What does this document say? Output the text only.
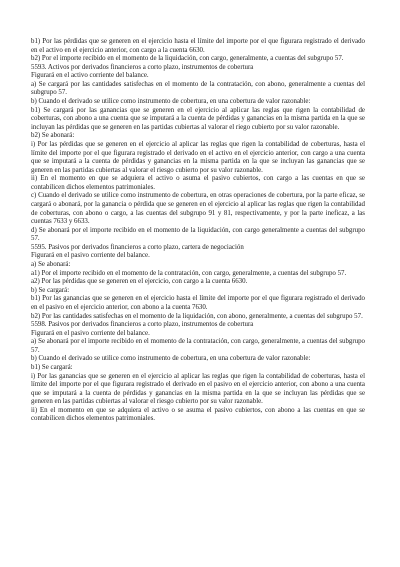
b1) Por las pérdidas que se generen en el ejercicio hasta el límite del importe por el que figurara registrado el derivado en el activo en el ejercicio anterior, con cargo a la cuenta 6630.

b2) Por el importe recibido en el momento de la liquidación, con cargo, generalmente, a cuentas del subgrupo 57.

5593. Activos por derivados financieros a corto plazo, instrumentos de cobertura

Figurará en el activo corriente del balance.

a) Se cargará por las cantidades satisfechas en el momento de la contratación, con abono, generalmente a cuentas del subgrupo 57.

b) Cuando el derivado se utilice como instrumento de cobertura, en una cobertura de valor razonable:

b1) Se cargará por las ganancias que se generen en el ejercicio al aplicar las reglas que rigen la contabilidad de coberturas, con abono a una cuenta que se imputará a la cuenta de pérdidas y ganancias en la misma partida en la que se incluyan las pérdidas que se generen en las partidas cubiertas al valorar el riego cubierto por su valor razonable.

b2) Se abonará:

i) Por las pérdidas que se generen en el ejercicio al aplicar las reglas que rigen la contabilidad de coberturas, hasta el límite del importe por el que figurara registrado el derivado en el activo en el ejercicio anterior, con cargo a una cuenta que se imputará a la cuenta de pérdidas y ganancias en la misma partida en la que se incluyan las ganancias que se generen en las partidas cubiertas al valorar el riesgo cubierto por su valor razonable.

ii) En el momento en que se adquiera el activo o asuma el pasivo cubiertos, con cargo a las cuentas en que se contabilicen dichos elementos patrimoniales.

c) Cuando el derivado se utilice como instrumento de cobertura, en otras operaciones de cobertura, por la parte eficaz, se cargará o abonará, por la ganancia o pérdida que se generen en el ejercicio al aplicar las reglas que rigen la contabilidad de coberturas, con abono o cargo, a las cuentas del subgrupo 91 y 81, respectivamente, y por la parte ineficaz, a las cuentas 7633 y 6633.

d) Se abonará por el importe recibido en el momento de la liquidación, con cargo generalmente a cuentas del subgrupo 57.

5595. Pasivos por derivados financieros a corto plazo, cartera de negociación

Figurará en el pasivo corriente del balance.

a) Se abonará:

a1) Por el importe recibido en el momento de la contratación, con cargo, generalmente, a cuentas del subgrupo 57.

a2) Por las pérdidas que se generen en el ejercicio, con cargo a la cuenta 6630.

b) Se cargará:

b1) Por las ganancias que se generen en el ejercicio hasta el límite del importe por el que figurara registrado el derivado en el pasivo en el ejercicio anterior, con abono a la cuenta 7630.

b2) Por las cantidades satisfechas en el momento de la liquidación, con abono, generalmente, a cuentas del subgrupo 57.

5598. Pasivos por derivados financieros a corto plazo, instrumentos de cobertura

Figurará en el pasivo corriente del balance.

a) Se abonará por el importe recibido en el momento de la contratación, con cargo, generalmente, a cuentas del subgrupo 57.

b) Cuando el derivado se utilice como instrumento de cobertura, en una cobertura de valor razonable:

b1) Se cargará:

i) Por las ganancias que se generen en el ejercicio al aplicar las reglas que rigen la contabilidad de coberturas, hasta el límite del importe por el que figurara registrado el derivado en el pasivo en el ejercicio anterior, con abono a una cuenta que se imputará a la cuenta de pérdidas y ganancias en la misma partida en la que se incluyan las pérdidas que se generen en las partidas cubiertas al valorar el riesgo cubierto por su valor razonable.

ii) En el momento en que se adquiera el activo o se asuma el pasivo cubiertos, con abono a las cuentas en que se contabilicen dichos elementos patrimoniales.
